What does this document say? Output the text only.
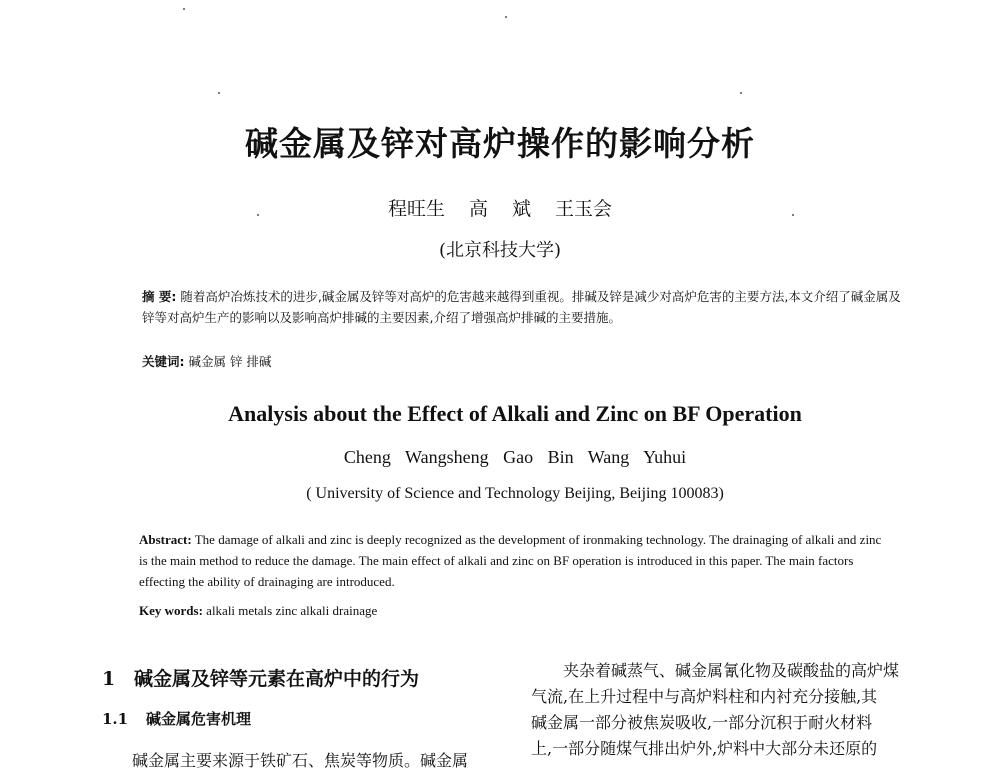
碱金属及锌对高炉操作的影响分析
程旺生 高 斌 王玉会
(北京科技大学)
摘 要: 随着高炉冶炼技术的进步,碱金属及锌等对高炉的危害越来越得到重视。排碱及锌是减少对高炉危害的主要方法,本文介绍了碱金属及锌等对高炉生产的影响以及影响高炉排碱的主要因素,介绍了增强高炉排碱的主要措施。
关键词: 碱金属 锌 排碱
Analysis about the Effect of Alkali and Zinc on BF Operation
Cheng Wangsheng Gao Bin Wang Yuhui
( University of Science and Technology Beijing, Beijing 100083)
Abstract: The damage of alkali and zinc is deeply recognized as the development of ironmaking technology. The drainaging of alkali and zinc is the main method to reduce the damage. The main effect of alkali and zinc on BF operation is introduced in this paper. The main factors effecting the ability of drainaging are introduced.
Key words: alkali metals zinc alkali drainage
1 碱金属及锌等元素在高炉中的行为
1.1 碱金属危害机理
碱金属主要来源于铁矿石、焦炭等物质。碱金属
夹杂着碱蒸气、碱金属氰化物及碳酸盐的高炉煤
气流,在上升过程中与高炉料柱和内衬充分接触,其
碱金属一部分被焦炭吸收,一部分沉积于耐火材料
上,一部分随煤气排出炉外,炉料中大部分未还原的
